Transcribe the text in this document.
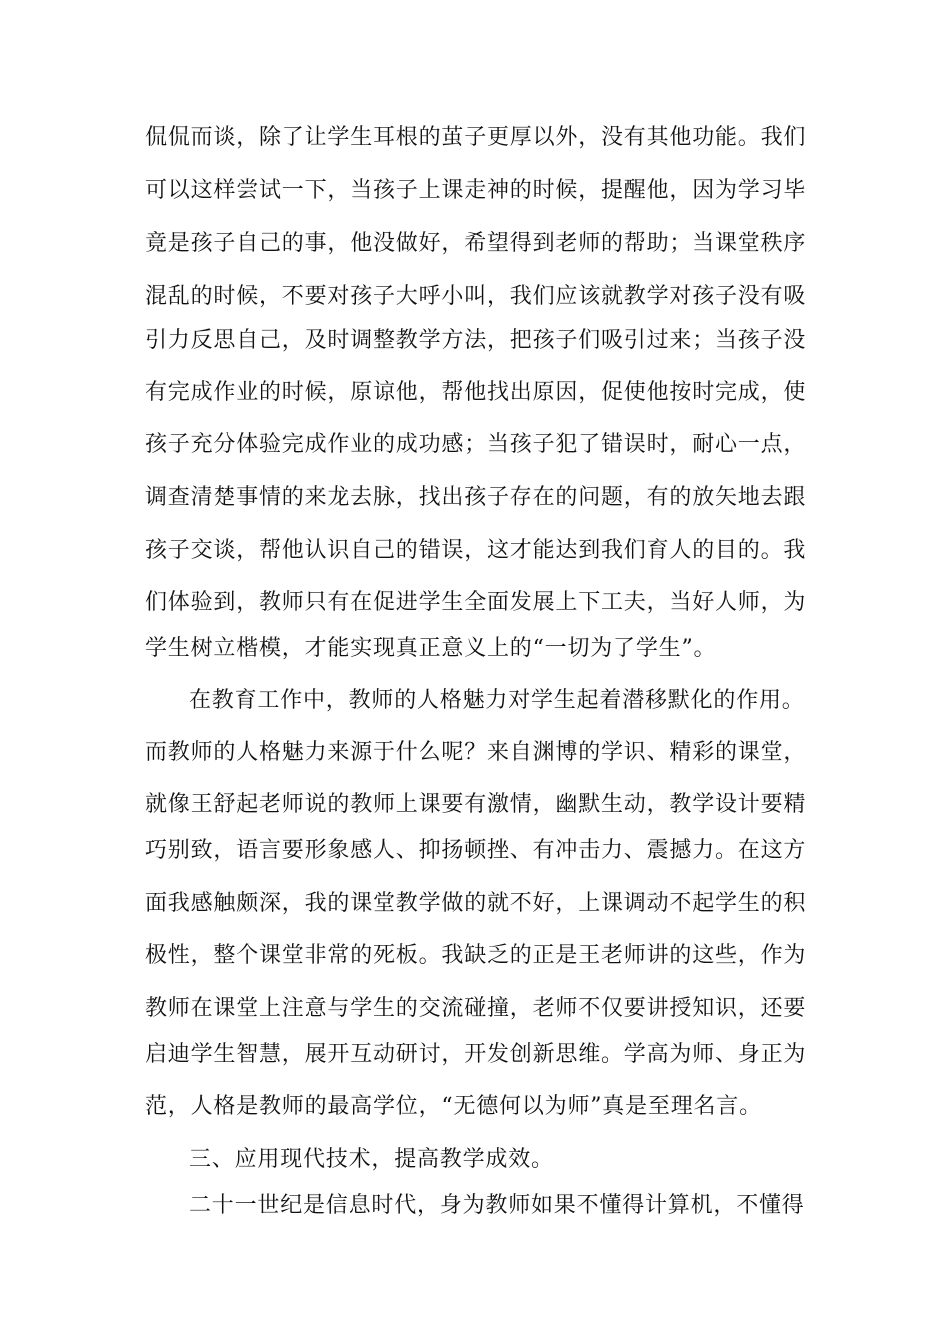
侃侃而谈，除了让学生耳根的茧子更厚以外，没有其他功能。我们
可以这样尝试一下，当孩子上课走神的时候，提醒他，因为学习毕
竟是孩子自己的事，他没做好，希望得到老师的帮助；当课堂秩序
混乱的时候，不要对孩子大呼小叫，我们应该就教学对孩子没有吸
引力反思自己，及时调整教学方法，把孩子们吸引过来；当孩子没
有完成作业的时候，原谅他，帮他找出原因，促使他按时完成，使
孩子充分体验完成作业的成功感；当孩子犯了错误时，耐心一点，
调查清楚事情的来龙去脉，找出孩子存在的问题，有的放矢地去跟
孩子交谈，帮他认识自己的错误，这才能达到我们育人的目的。我
们体验到，教师只有在促进学生全面发展上下工夫，当好人师，为
学生树立楷模，才能实现真正意义上的“一切为了学生”。
在教育工作中，教师的人格魅力对学生起着潜移默化的作用。
而教师的人格魅力来源于什么呢？来自渊博的学识、精彩的课堂，
就像王舒起老师说的教师上课要有激情，幽默生动，教学设计要精
巧别致，语言要形象感人、抑扬顿挫、有冲击力、震撼力。在这方
面我感触颇深，我的课堂教学做的就不好，上课调动不起学生的积
极性，整个课堂非常的死板。我缺乏的正是王老师讲的这些，作为
教师在课堂上注意与学生的交流碰撞，老师不仅要讲授知识，还要
启迪学生智慧，展开互动研讨，开发创新思维。学高为师、身正为
范，人格是教师的最高学位，“无德何以为师”真是至理名言。
三、应用现代技术，提高教学成效。
二十一世纪是信息时代，身为教师如果不懂得计算机，不懂得
